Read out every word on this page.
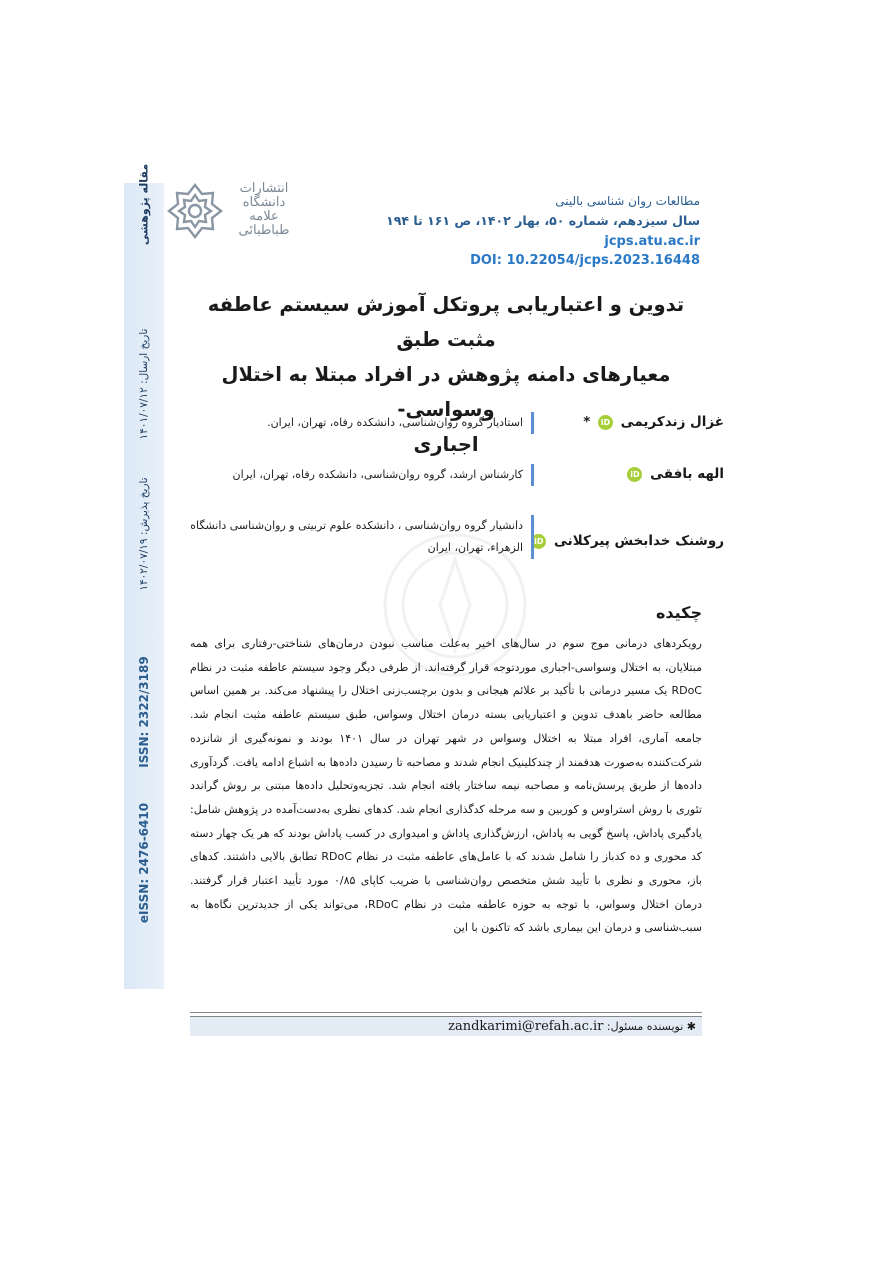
مقاله پژوهشی
تاریخ ارسال: ۱۴۰۱/۰۷/۱۲
تاریخ پذیرش: ۱۴۰۲/۰۷/۱۹
ISSN: 2322/3189
eISSN: 2476-6410
انتشارات
دانشگاه
علامه
طباطبائی
مطالعات روان شناسی بالینی
سال سیزدهم، شماره ۵۰، بهار ۱۴۰۲، ص ۱۶۱ تا ۱۹۴
jcps.atu.ac.ir
DOI: 10.22054/jcps.2023.16448
تدوین و اعتباریابی پروتکل آموزش سیستم عاطفه مثبت طبق
معیارهای دامنه پژوهش در افراد مبتلا به اختلال وسواسی-
اجباری
غزال زندکریمی iD *
استادیار گروه روان‌شناسی، دانشکده رفاه، تهران، ایران.
الهه بافقی iD
کارشناس ارشد، گروه روان‌شناسی، دانشکده رفاه، تهران، ایران
روشنک خدابخش پیرکلانی iD
دانشیار گروه روان‌شناسی ، دانشکده علوم تربیتی و روان‌شناسی دانشگاه
الزهراء، تهران، ایران
چکیده
رویکردهای درمانی موج سوم در سال‌های اخیر به‌علت مناسب نبودن درمان‌های شناختی-رفتاری برای همه مبتلایان، به اختلال وسواسی-اجباری موردتوجه قرار گرفته‌اند. از طرفی دیگر وجود سیستم عاطفه مثبت در نظام RDoC یک مسیر درمانی با تأکید بر علائم هیجانی و بدون برچسب‌زنی اختلال را پیشنهاد می‌کند. بر همین اساس مطالعه حاضر باهدف تدوین و اعتباریابی بسته درمان اختلال وسواس، طبق سیستم عاطفه مثبت انجام شد. جامعه آماری، افراد مبتلا به اختلال وسواس در شهر تهران در سال ۱۴۰۱ بودند و نمونه‌گیری از شانزده شرکت‌کننده به‌صورت هدفمند از چندکلینیک انجام شدند و مصاحبه تا رسیدن داده‌ها به اشباع ادامه یافت. گردآوری داده‌ها از طریق پرسش‌نامه و مصاحبه نیمه ساختار یافته انجام شد. تجزیه‌وتحلیل داده‌ها مبتنی بر روش گراندد تئوری با روش استراوس و کوربین و سه مرحله کدگذاری انجام شد. کدهای نظری به‌دست‌آمده در پژوهش شامل: یادگیری پاداش، پاسخ گویی به پاداش، ارزش‌گذاری پاداش و امیدواری در کسب پاداش بودند که هر یک چهار دسته کد محوری و ده کدباز را شامل شدند که با عامل‌های عاطفه مثبت در نظام RDoC تطابق بالایی داشتند. کدهای باز، محوری و نظری با تأیید شش متخصص روان‌شناسی با ضریب کاپای ۰/۸۵ مورد تأیید اعتبار قرار گرفتند. درمان اختلال وسواس، با توجه به حوزه عاطفه مثبت در نظام RDoC، می‌تواند یکی از جدیدترین نگاه‌ها به سبب‌شناسی و درمان این بیماری باشد که تاکنون با این
✱ نویسنده مسئول: zandkarimi@refah.ac.ir
